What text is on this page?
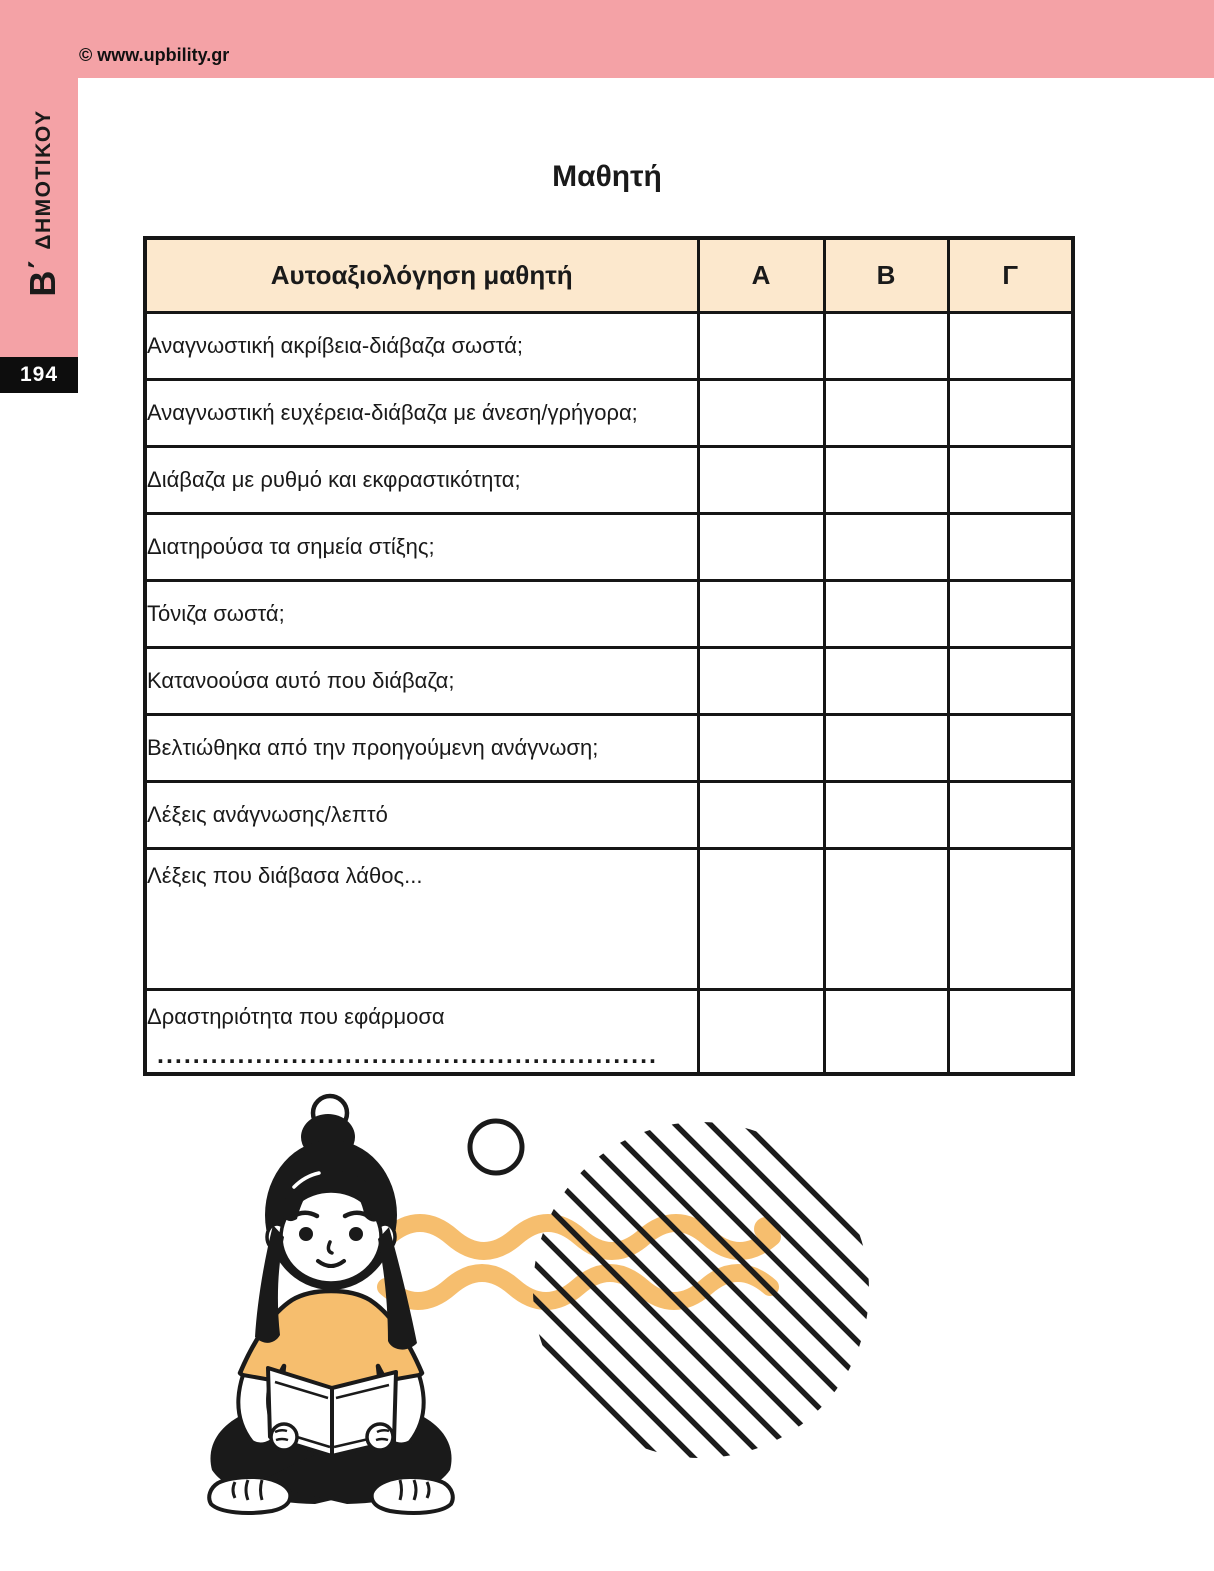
© www.upbility.gr
Β΄
ΔΗΜΟΤΙΚΟΥ
194
Μαθητή
Αυτοαξιολόγηση μαθητή	Α	Β	Γ
Αναγνωστική ακρίβεια-διάβαζα σωστά;			
Αναγνωστική ευχέρεια-διάβαζα με άνεση/γρήγορα;			
Διάβαζα με ρυθμό και εκφραστικότητα;			
Διατηρούσα τα σημεία στίξης;			
Τόνιζα σωστά;			
Κατανοούσα αυτό που διάβαζα;			
Βελτιώθηκα από την προηγούμενη ανάγνωση;			
Λέξεις ανάγνωσης/λεπτό			
Λέξεις που διάβασα λάθος...			
Δραστηριότητα που εφάρμοσα
........................................................			
